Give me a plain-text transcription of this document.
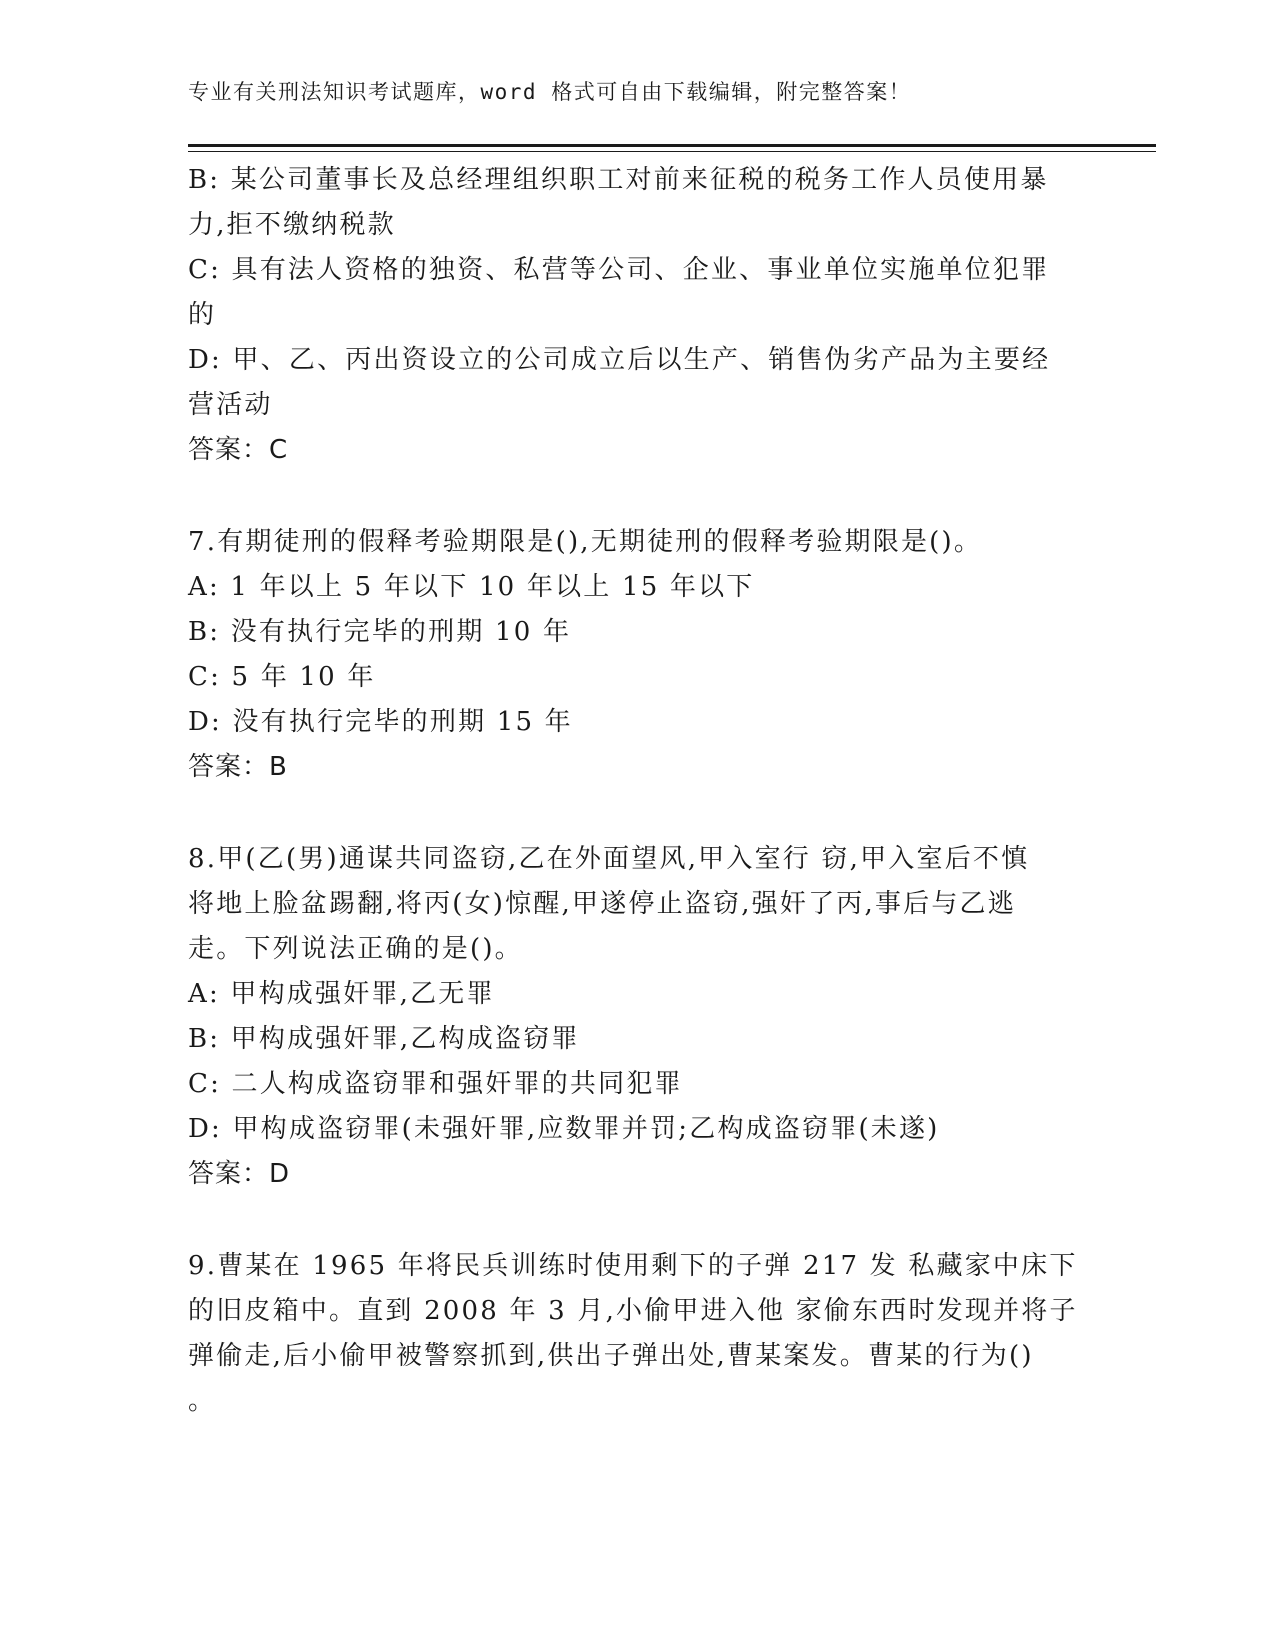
专业有关刑法知识考试题库，word 格式可自由下载编辑，附完整答案！
B: 某公司董事长及总经理组织职工对前来征税的税务工作人员使用暴
力,拒不缴纳税款
C: 具有法人资格的独资、私营等公司、企业、事业单位实施单位犯罪
的
D: 甲、乙、丙出资设立的公司成立后以生产、销售伪劣产品为主要经
营活动
答案：C
7.有期徒刑的假释考验期限是(),无期徒刑的假释考验期限是()。
A: 1 年以上 5 年以下 10 年以上 15 年以下
B: 没有执行完毕的刑期 10 年
C: 5 年 10 年
D: 没有执行完毕的刑期 15 年
答案：B
8.甲(乙(男)通谋共同盗窃,乙在外面望风,甲入室行 窃,甲入室后不慎
将地上脸盆踢翻,将丙(女)惊醒,甲遂停止盗窃,强奸了丙,事后与乙逃
走。下列说法正确的是()。
A: 甲构成强奸罪,乙无罪
B: 甲构成强奸罪,乙构成盗窃罪
C: 二人构成盗窃罪和强奸罪的共同犯罪
D: 甲构成盗窃罪(未强奸罪,应数罪并罚;乙构成盗窃罪(未遂)
答案：D
9.曹某在 1965 年将民兵训练时使用剩下的子弹 217 发 私藏家中床下
的旧皮箱中。直到 2008 年 3 月,小偷甲进入他 家偷东西时发现并将子
弹偷走,后小偷甲被警察抓到,供出子弹出处,曹某案发。曹某的行为()
。
